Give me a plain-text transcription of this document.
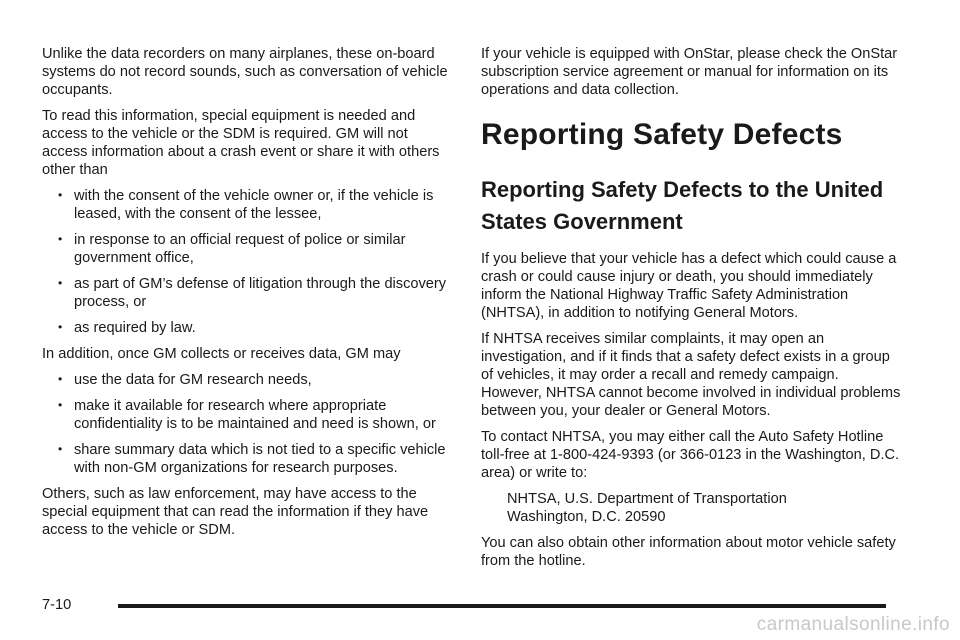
Unlike the data recorders on many airplanes, these on-board systems do not record sounds, such as conversation of vehicle occupants.

To read this information, special equipment is needed and access to the vehicle or the SDM is required. GM will not access information about a crash event or share it with others other than

• with the consent of the vehicle owner or, if the vehicle is leased, with the consent of the lessee,
• in response to an official request of police or similar government office,
• as part of GM’s defense of litigation through the discovery process, or
• as required by law.

In addition, once GM collects or receives data, GM may

• use the data for GM research needs,
• make it available for research where appropriate confidentiality is to be maintained and need is shown, or
• share summary data which is not tied to a specific vehicle with non-GM organizations for research purposes.

Others, such as law enforcement, may have access to the special equipment that can read the information if they have access to the vehicle or SDM.

If your vehicle is equipped with OnStar, please check the OnStar subscription service agreement or manual for information on its operations and data collection.

Reporting Safety Defects
Reporting Safety Defects to the United States Government

If you believe that your vehicle has a defect which could cause a crash or could cause injury or death, you should immediately inform the National Highway Traffic Safety Administration (NHTSA), in addition to notifying General Motors.

If NHTSA receives similar complaints, it may open an investigation, and if it finds that a safety defect exists in a group of vehicles, it may order a recall and remedy campaign. However, NHTSA cannot become involved in individual problems between you, your dealer or General Motors.

To contact NHTSA, you may either call the Auto Safety Hotline toll-free at 1-800-424-9393 (or 366-0123 in the Washington, D.C. area) or write to:

NHTSA, U.S. Department of Transportation
Washington, D.C. 20590

You can also obtain other information about motor vehicle safety from the hotline.

7-10
carmanualsonline.info
